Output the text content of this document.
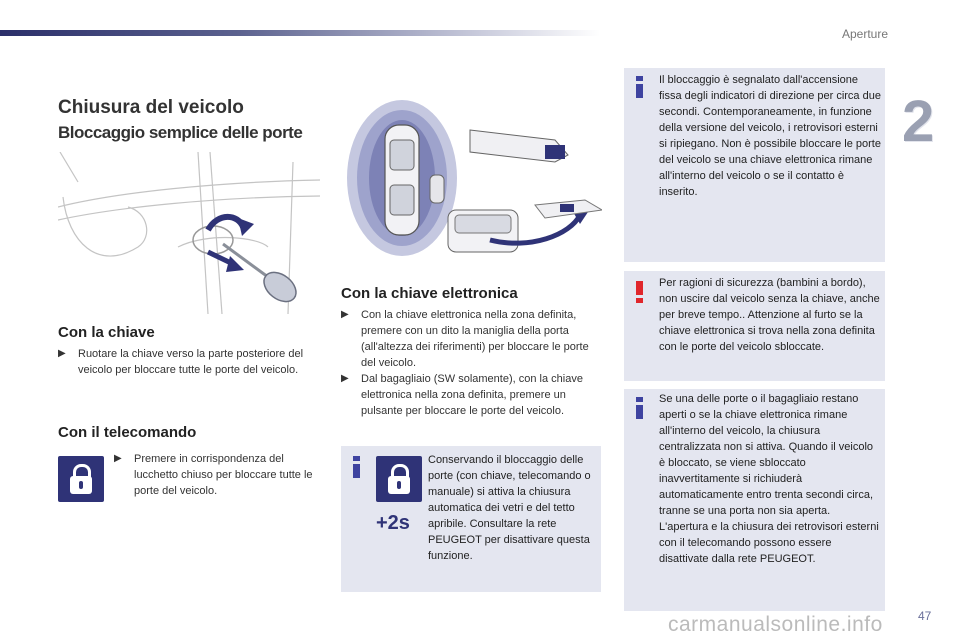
Aperture
2
Chiusura del veicolo
Bloccaggio semplice delle porte
Con la chiave
▶	Ruotare la chiave verso la parte posteriore del veicolo per bloccare tutte le porte del veicolo.
Con il telecomando
▶	Premere in corrispondenza del lucchetto chiuso per bloccare tutte le porte del veicolo.
Con la chiave elettronica
▶	Con la chiave elettronica nella zona definita, premere con un dito la maniglia della porta (all'altezza dei riferimenti) per bloccare le porte del veicolo.
▶	Dal bagagliaio (SW solamente), con la chiave elettronica nella zona definita, premere un pulsante per bloccare le porte del veicolo.
+2s
Conservando il bloccaggio delle porte (con chiave, telecomando o manuale) si attiva la chiusura automatica dei vetri e del tetto apribile. Consultare la rete PEUGEOT per disattivare questa funzione.
Il bloccaggio è segnalato dall'accensione fissa degli indicatori di direzione per circa due secondi. Contemporaneamente, in funzione della versione del veicolo, i retrovisori esterni si ripiegano. Non è possibile bloccare le porte del veicolo se una chiave elettronica rimane all'interno del veicolo o se il contatto è inserito.
Per ragioni di sicurezza (bambini a bordo), non uscire dal veicolo senza la chiave, anche per breve tempo.. Attenzione al furto se la chiave elettronica si trova nella zona definita con le porte del veicolo sbloccate.
Se una delle porte o il bagagliaio restano aperti o se la chiave elettronica rimane all'interno del veicolo, la chiusura centralizzata non si attiva. Quando il veicolo è bloccato, se viene sbloccato inavvertitamente si richiuderà automaticamente entro trenta secondi circa, tranne se una porta non sia aperta. L'apertura e la chiusura dei retrovisori esterni con il telecomando possono essere disattivate dalla rete PEUGEOT.
carmanualsonline.info	47
